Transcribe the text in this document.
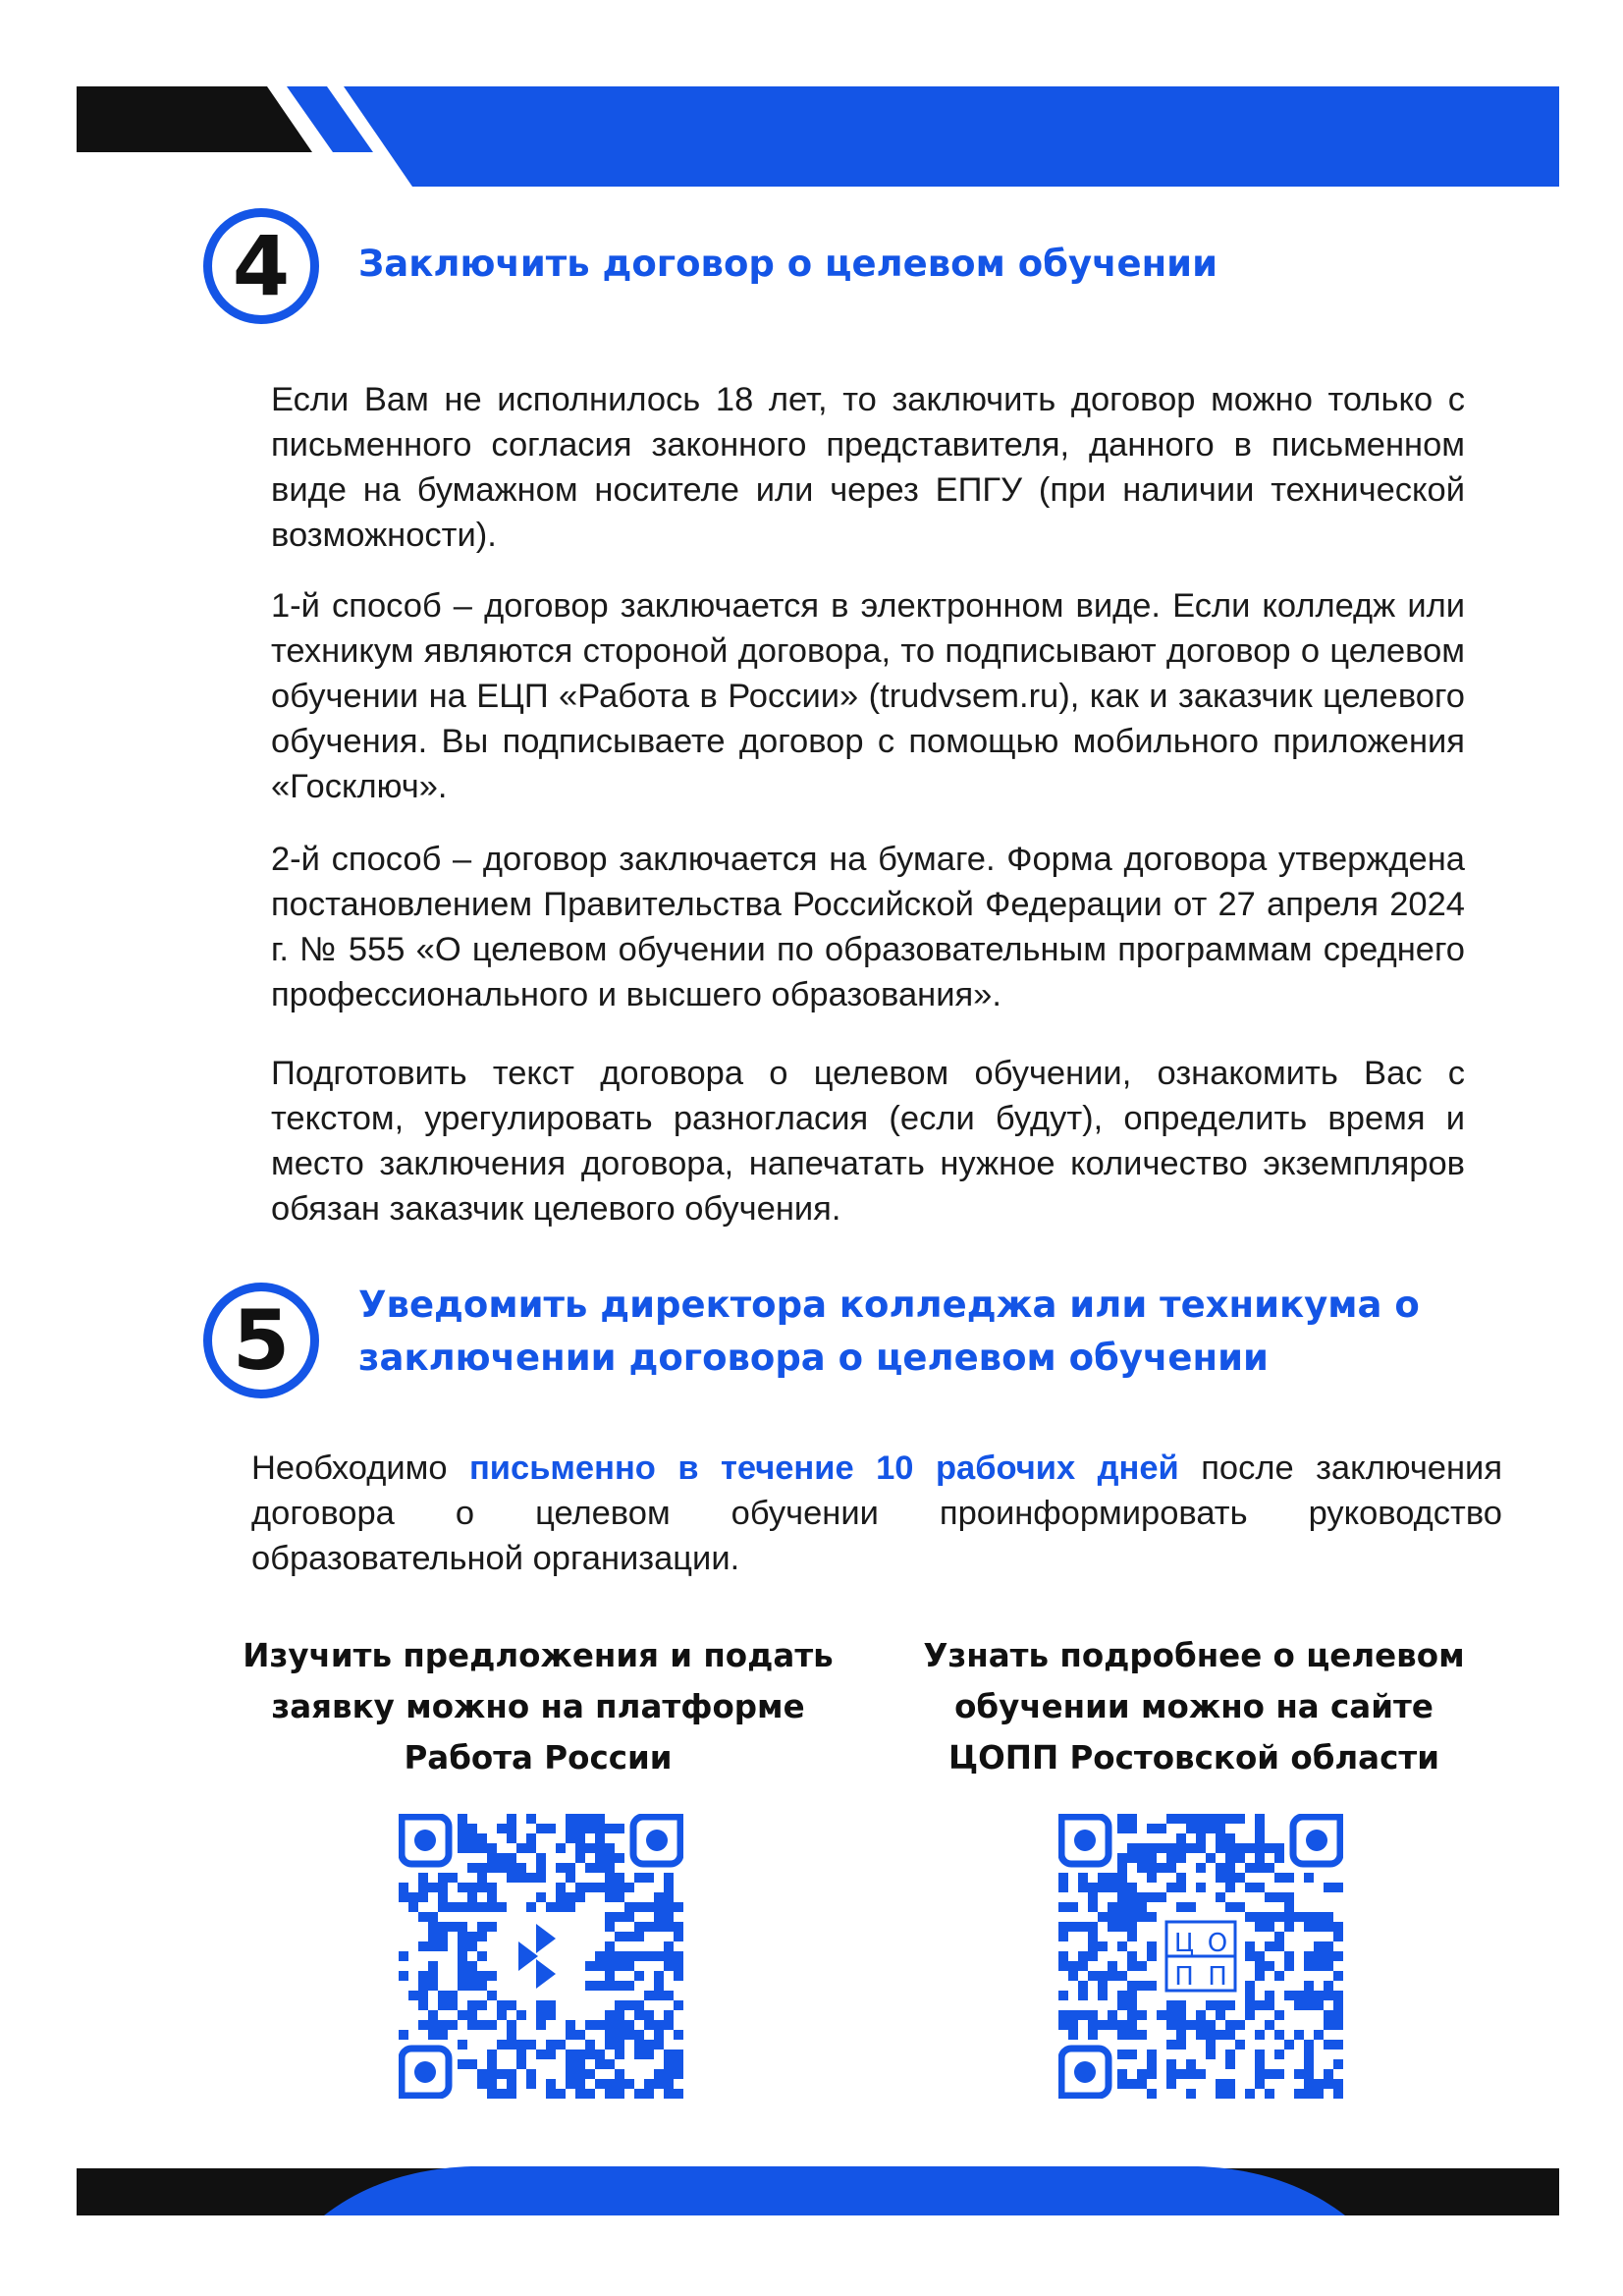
4 Заключить договор о целевом обучении

Если Вам не исполнилось 18 лет, то заключить договор можно только с письменного согласия законного представителя, данного в письменном виде на бумажном носителе или через ЕПГУ (при наличии технической возможности).

1-й способ – договор заключается в электронном виде. Если колледж или техникум являются стороной договора, то подписывают договор о целевом обучении на ЕЦП «Работа в России» (trudvsem.ru), как и заказчик целевого обучения. Вы подписываете договор с помощью мобильного приложения «Госключ».

2-й способ – договор заключается на бумаге. Форма договора утверждена постановлением Правительства Российской Федерации от 27 апреля 2024 г. № 555 «О целевом обучении по образовательным программам среднего профессионального и высшего образования».

Подготовить текст договора о целевом обучении, ознакомить Вас с текстом, урегулировать разногласия (если будут), определить время и место заключения договора, напечатать нужное количество экземпляров обязан заказчик целевого обучения.

5 Уведомить директора колледжа или техникума о
заключении договора о целевом обучении

Необходимо письменно в течение 10 рабочих дней после заключения договора о целевом обучении проинформировать руководство образовательной организации.

Изучить предложения и подать
заявку можно на платформе
Работа России
Узнать подробнее о целевом
обучении можно на сайте
ЦОПП Ростовской области
Ц О
П П
